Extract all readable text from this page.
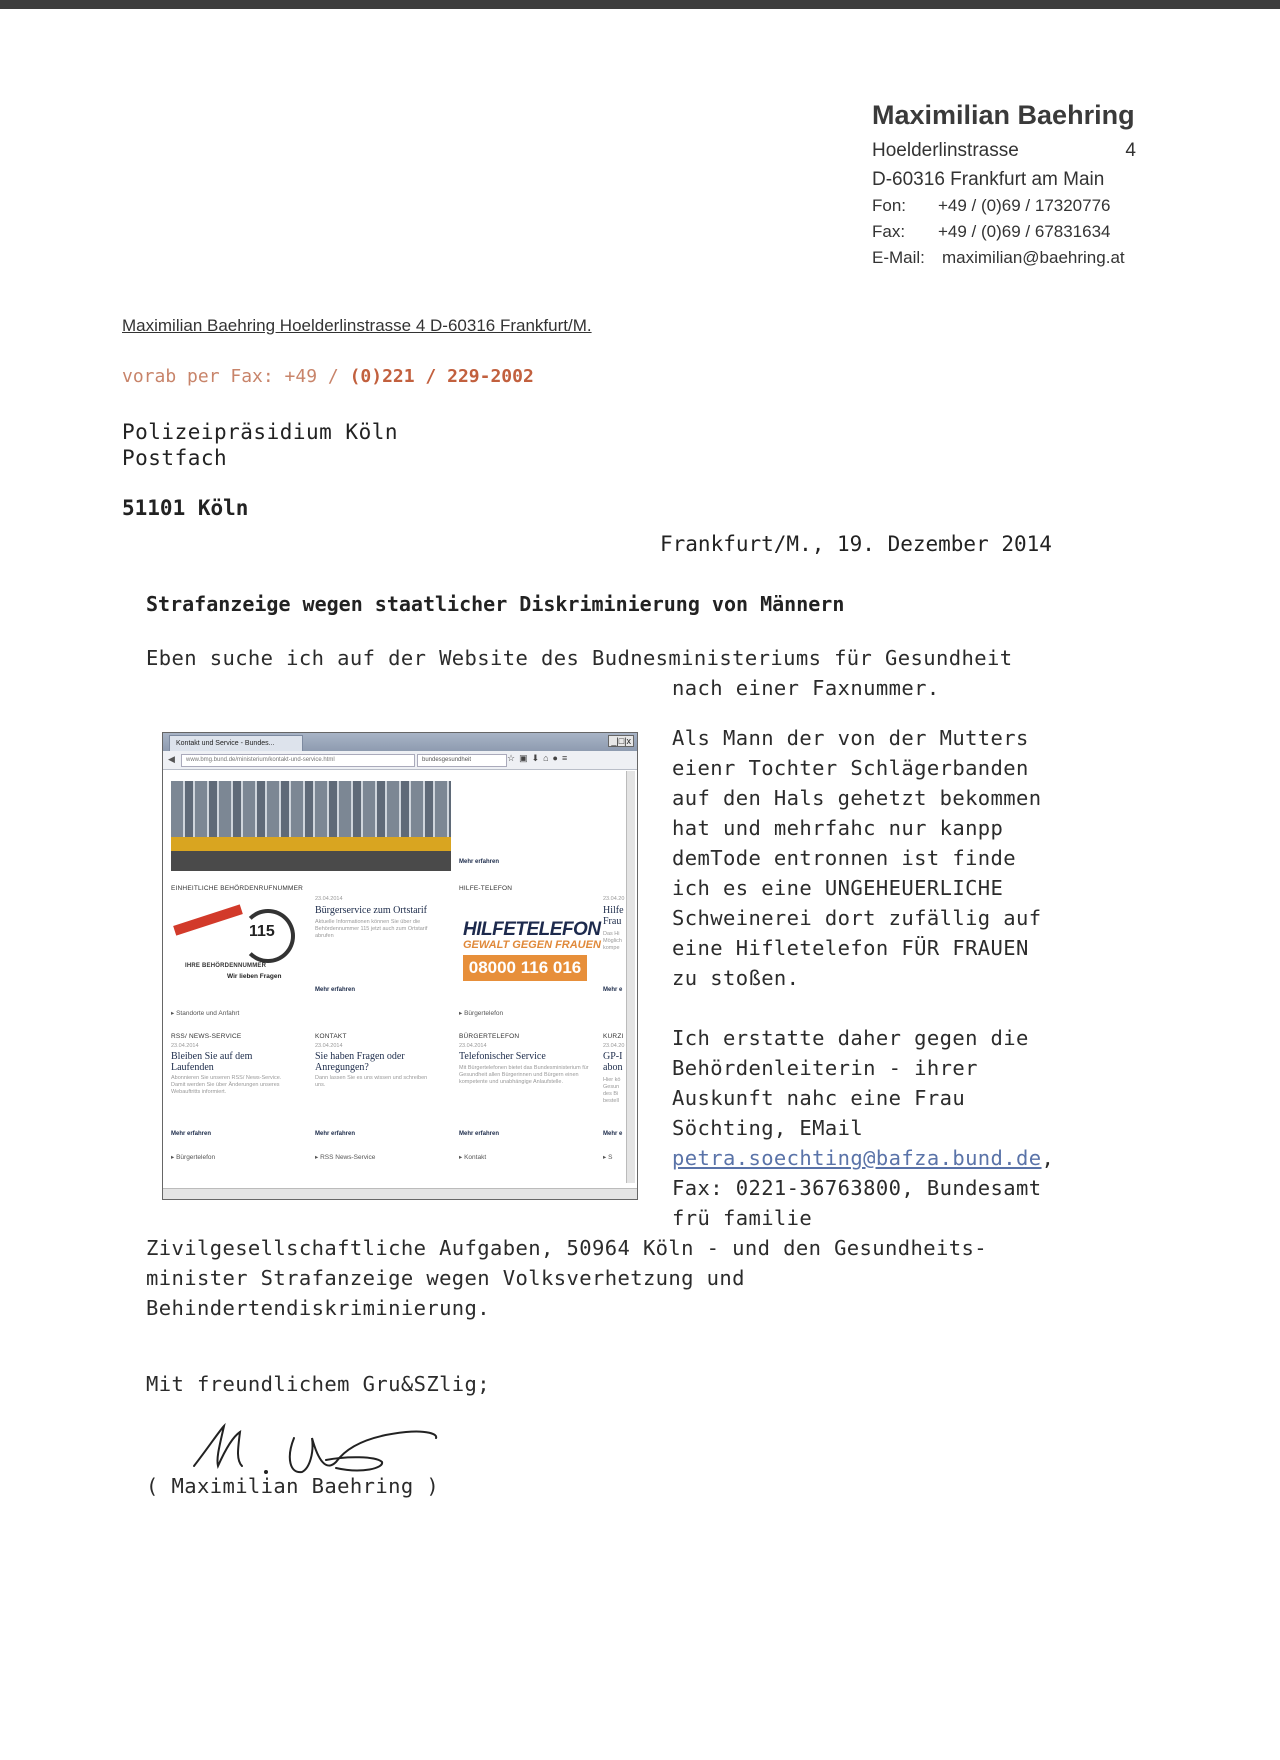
Maximilian Baehring
Hoelderlinstrasse	4
D-60316 Frankfurt am Main
Fon: +49 / (0)69 / 17320776
Fax: +49 / (0)69 / 67831634
E-Mail: maximilian@baehring.at
Maximilian Baehring Hoelderlinstrasse 4 D-60316 Frankfurt/M.
vorab per Fax: +49 / (0)221 / 229-2002
Polizeipräsidium Köln
Postfach
51101 Köln
Frankfurt/M., 19. Dezember 2014
Strafanzeige wegen staatlicher Diskriminierung von Männern
Eben suche ich auf der Website des Budnesministeriums für Gesundheit
nach einer Faxnummer.
Kontakt und Service - Bundes...	_|□|x
◀	www.bmg.bund.de/ministerium/kontakt-und-service.html	bundesgesundheit	☆▣⬇⌂●≡
Mehr erfahren
EINHEITLICHE BEHÖRDENRUFNUMMER
115
IHRE BEHÖRDENNUMMER
Wir lieben Fragen
23.04.2014
Bürgerservice zum Ortstarif
Aktuelle Informationen können Sie über die Behördennummer 115 jetzt auch zum Ortstarif abrufen
Mehr erfahren
HILFE-TELEFON
HILFETELEFON
GEWALT GEGEN FRAUEN
08000 116 016
23.04.20
Hilfe Frau
Das Hi Möglich kompe
Mehr e
▸ Standorte und Anfahrt	▸ Bürgertelefon
RSS/ NEWS-SERVICE
23.04.2014
Bleiben Sie auf dem Laufenden
Abonnieren Sie unseren RSS/ News-Service. Damit werden Sie über Änderungen unseres Webauftritts informiert.
Mehr erfahren
KONTAKT
23.04.2014
Sie haben Fragen oder Anregungen?
Dann lassen Sie es uns wissen und schreiben uns.
Mehr erfahren
BÜRGERTELEFON
23.04.2014
Telefonischer Service
Mit Bürgertelefonen bietet das Bundesministerium für Gesundheit allen Bürgerinnen und Bürgern einen kompetente und unabhängige Anlaufstelle.
Mehr erfahren
KURZI
23.04.20
GP-I abon
Hier kö Gesun des Bi bestell
Mehr e
▸ Bürgertelefon	▸ RSS News-Service	▸ Kontakt	▸ S
Als Mann der von der Mutters
eienr Tochter Schlägerbanden
auf den Hals gehetzt bekommen
hat und mehrfahc nur kanpp
demTode entronnen ist finde
ich es eine UNGEHEUERLICHE
Schweinerei dort zufällig auf
eine Hifletelefon FÜR FRAUEN
zu stoßen.
Ich erstatte daher gegen die
Behördenleiterin - ihrer
Auskunft nahc eine Frau
Söchting, EMail
petra.soechting@bafza.bund.de,
Fax: 0221-36763800, Bundesamt
frü familie
Zivilgesellschaftliche Aufgaben, 50964 Köln - und den Gesundheits-
minister Strafanzeige wegen Volksverhetzung und
Behindertendiskriminierung.
Mit freundlichem Gru&SZlig;
( Maximilian Baehring )
